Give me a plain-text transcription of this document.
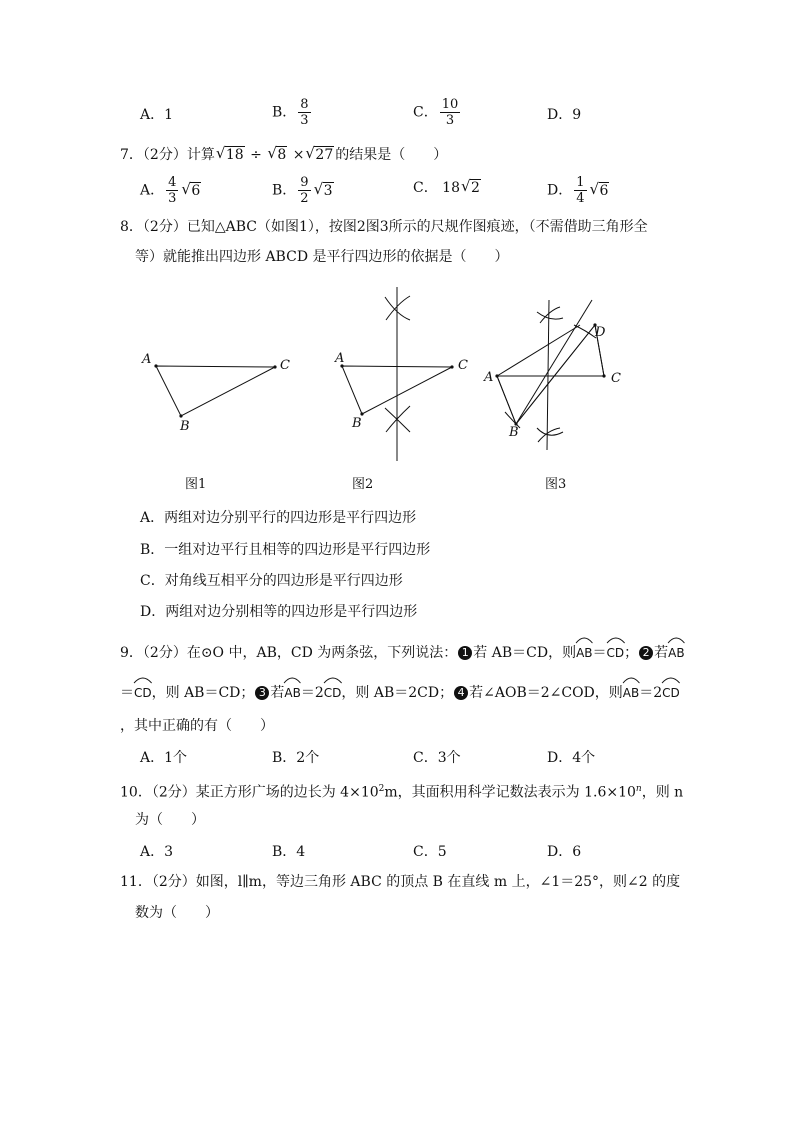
A．1	B． $\frac{8}{3}$	C． $\frac{10}{3}$	D．9
7．（2分）计算 √ 18 ÷ √ 8 × √ 27 的结果是（　　）
A． $\frac{4}{3}$ √ 6	B． $\frac{9}{2}$ √ 3	C． 18 √ 2	D． $\frac{1}{4}$ √ 6
8．（2分）已知△ABC（如图1），按图2图3所示的尺规作图痕迹，（不需借助三角形全
等）就能推出四边形 ABCD 是平行四边形的依据是（　　）
A	C
B
图1
A	C
B
图2
A	C
B
D
图3
A．两组对边分别平行的四边形是平行四边形
B．一组对边平行且相等的四边形是平行四边形
C．对角线互相平分的四边形是平行四边形
D．两组对边分别相等的四边形是平行四边形
9．（2分）在⊙O 中，AB，CD 为两条弦，下列说法： 1 若 AB＝CD，则
AB＝
CD； 2 若
AB
＝
CD，则 AB＝CD； 3 若
AB＝2
CD，则 AB＝2CD； 4 若∠AOB＝2∠COD，则
AB＝2
CD
，其中正确的有（　　）
A．1个	B．2个	C．3个	D．4个
10．（2分）某正方形广场的边长为 $4\times 10^2m$，其面积用科学记数法表示为 $1.6\times 10^n$，则 n
为（　　）
A．3	B．4	C．5	D．6
11．（2分）如图，l∥m，等边三角形 ABC 的顶点 B 在直线 m 上，∠1＝25°，则∠2 的度
数为（　　）
